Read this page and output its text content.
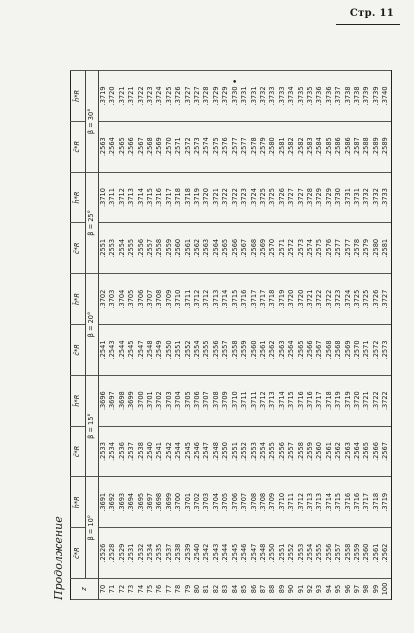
Стр. 11
•
Продолжение z	c̄*R	h̄*R	c̄*R	h̄*R	c̄*R	h̄*R	c̄*R	h̄*R	c̄*R	h̄*R
	β = 10°		β = 15°		β = 20°		β = 25°		β = 30°	
70	.2526	.3691	.2533	.3696	.2541	.3702	.2551	.3710	.2563	.3719
71	.2528	.3692	.2534	.3697	.2543	.3703	.2553	.3711	.2564	.3720
72	.2529	.3693	.2536	.3698	.2544	.3704	.2554	.3712	.2565	.3721
73	.2531	.3694	.2537	.3699	.2545	.3705	.2555	.3713	.2566	.3721
74	.2532	.3695	.2538	.3700	.2547	.3706	.2556	.3714	.2567	.3722
75	.2534	.3697	.2540	.3701	.2548	.3707	.2557	.3715	.2568	.3723
76	.2535	.3698	.2541	.3702	.2549	.3708	.2558	.3716	.2569	.3724
77	.2537	.3699	.2542	.3703	.2550	.3709	.2559	.3717	.2570	.3725
78	.2538	.3700	.2544	.3704	.2551	.3710	.2560	.3718	.2571	.3726
79	.2539	.3701	.2545	.3705	.2552	.3711	.2561	.3718	.2572	.3727
80	.2540	.3702	.2546	.3706	.2554	.3712	.2562	.3719	.2573	.3727
81	.2542	.3703	.2547	.3707	.2555	.3712	.2563	.3720	.2574	.3728
82	.2543	.3704	.2548	.3708	.2556	.3713	.2564	.3721	.2575	.3729
83	.2544	.3705	.2550	.3709	.2557	.3714	.2565	.3722	.2576	.3729
84	.2545	.3706	.2551	.3710	.2558	.3715	.2566	.3722	.2577	.3730
85	.2546	.3707	.2552	.3711	.2559	.3716	.2567	.3723	.2577	.3731
86	.2547	.3708	.2553	.3711	.2560	.3717	.2568	.3724	.2578	.3731
87	.2548	.3708	.2554	.3712	.2561	.3717	.2569	.3725	.2579	.3732
88	.2550	.3709	.2555	.3713	.2562	.3718	.2570	.3725	.2580	.3733
89	.2551	.3710	.2556	.3714	.2563	.3719	.2571	.3726	.2581	.3733
90	.2552	.3711	.2557	.3715	.2564	.3720	.2572	.3727	.2582	.3734
91	.2553	.3712	.2558	.3716	.2565	.3720	.2573	.3727	.2582	.3735
92	.2554	.3713	.2559	.3716	.2566	.3721	.2574	.3728	.2583	.3735
93	.2555	.3713	.2560	.3717	.2567	.3722	.2575	.3729	.2584	.3736
94	.2556	.3714	.2561	.3718	.2568	.3722	.2576	.3729	.2585	.3736
95	.2557	.3715	.2562	.3719	.2568	.3723	.2577	.3730	.2586	.3737
96	.2558	.3716	.2563	.3719	.2569	.3724	.2577	.3731	.2586	.3738
97	.2559	.3716	.2564	.3720	.2570	.3725	.2578	.3731	.2587	.3738
98	.2560	.3717	.2565	.3721	.2571	.3725	.2579	.3732	.2588	.3739
99	.2561	.3718	.2566	.3722	.2572	.3726	.2580	.3732	.2589	.3739
100	.2562	.3719	.2567	.3722	.2573	.3727	.2581	.3733	.2589	.3740
